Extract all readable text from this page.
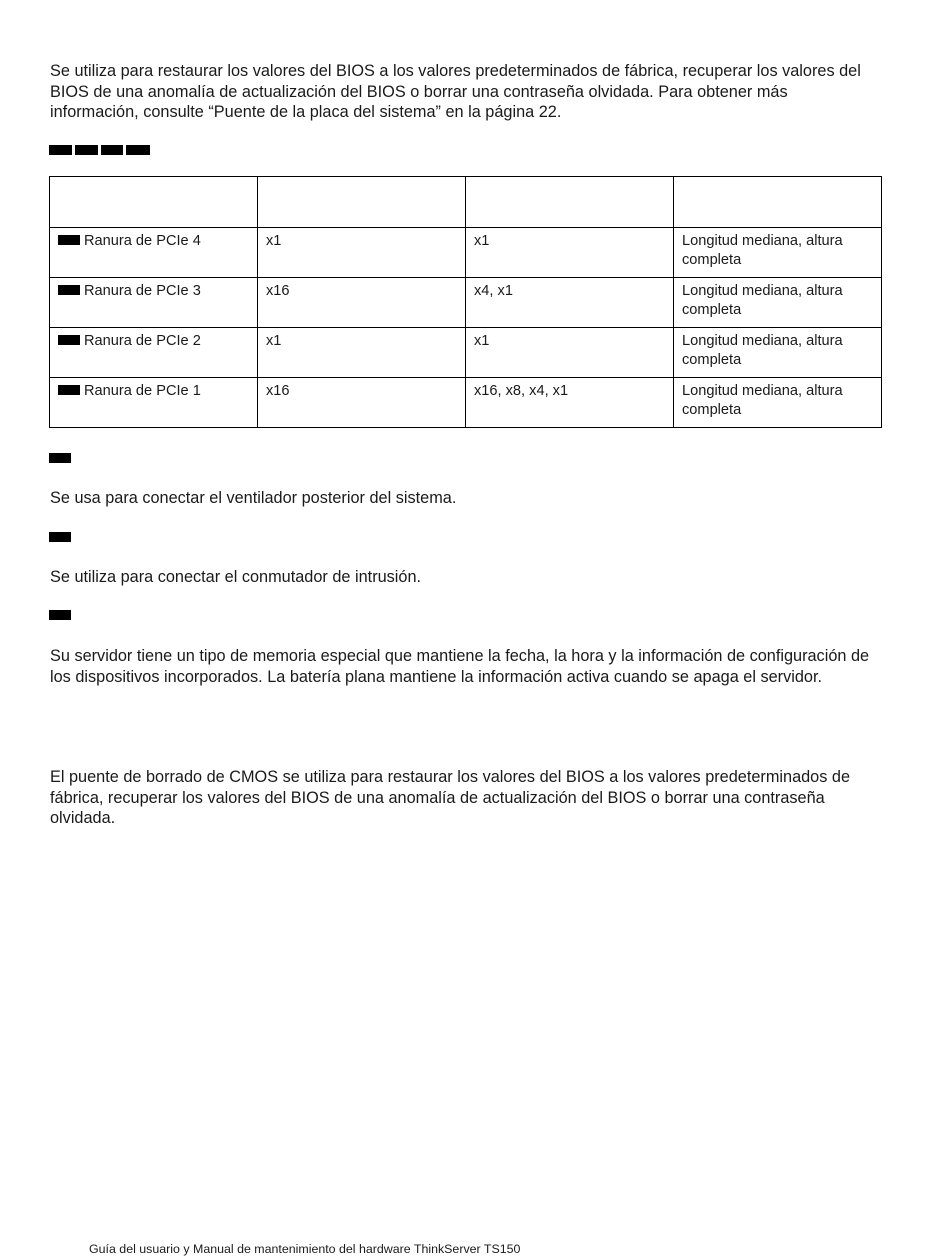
Se utiliza para restaurar los valores del BIOS a los valores predeterminados de fábrica, recuperar los valores del BIOS de una anomalía de actualización del BIOS o borrar una contraseña olvidada. Para obtener más información, consulte “Puente de la placa del sistema” en la página 22.

Ranura de PCIe 4	x1	x1	Longitud mediana, altura completa
Ranura de PCIe 3	x16	x4, x1	Longitud mediana, altura completa
Ranura de PCIe 2	x1	x1	Longitud mediana, altura completa
Ranura de PCIe 1	x16	x16, x8, x4, x1	Longitud mediana, altura completa

Se usa para conectar el ventilador posterior del sistema.

Se utiliza para conectar el conmutador de intrusión.

Su servidor tiene un tipo de memoria especial que mantiene la fecha, la hora y la información de configuración de los dispositivos incorporados. La batería plana mantiene la información activa cuando se apaga el servidor.

El puente de borrado de CMOS se utiliza para restaurar los valores del BIOS a los valores predeterminados de fábrica, recuperar los valores del BIOS de una anomalía de actualización del BIOS o borrar una contraseña olvidada.

Guía del usuario y Manual de mantenimiento del hardware ThinkServer TS150
